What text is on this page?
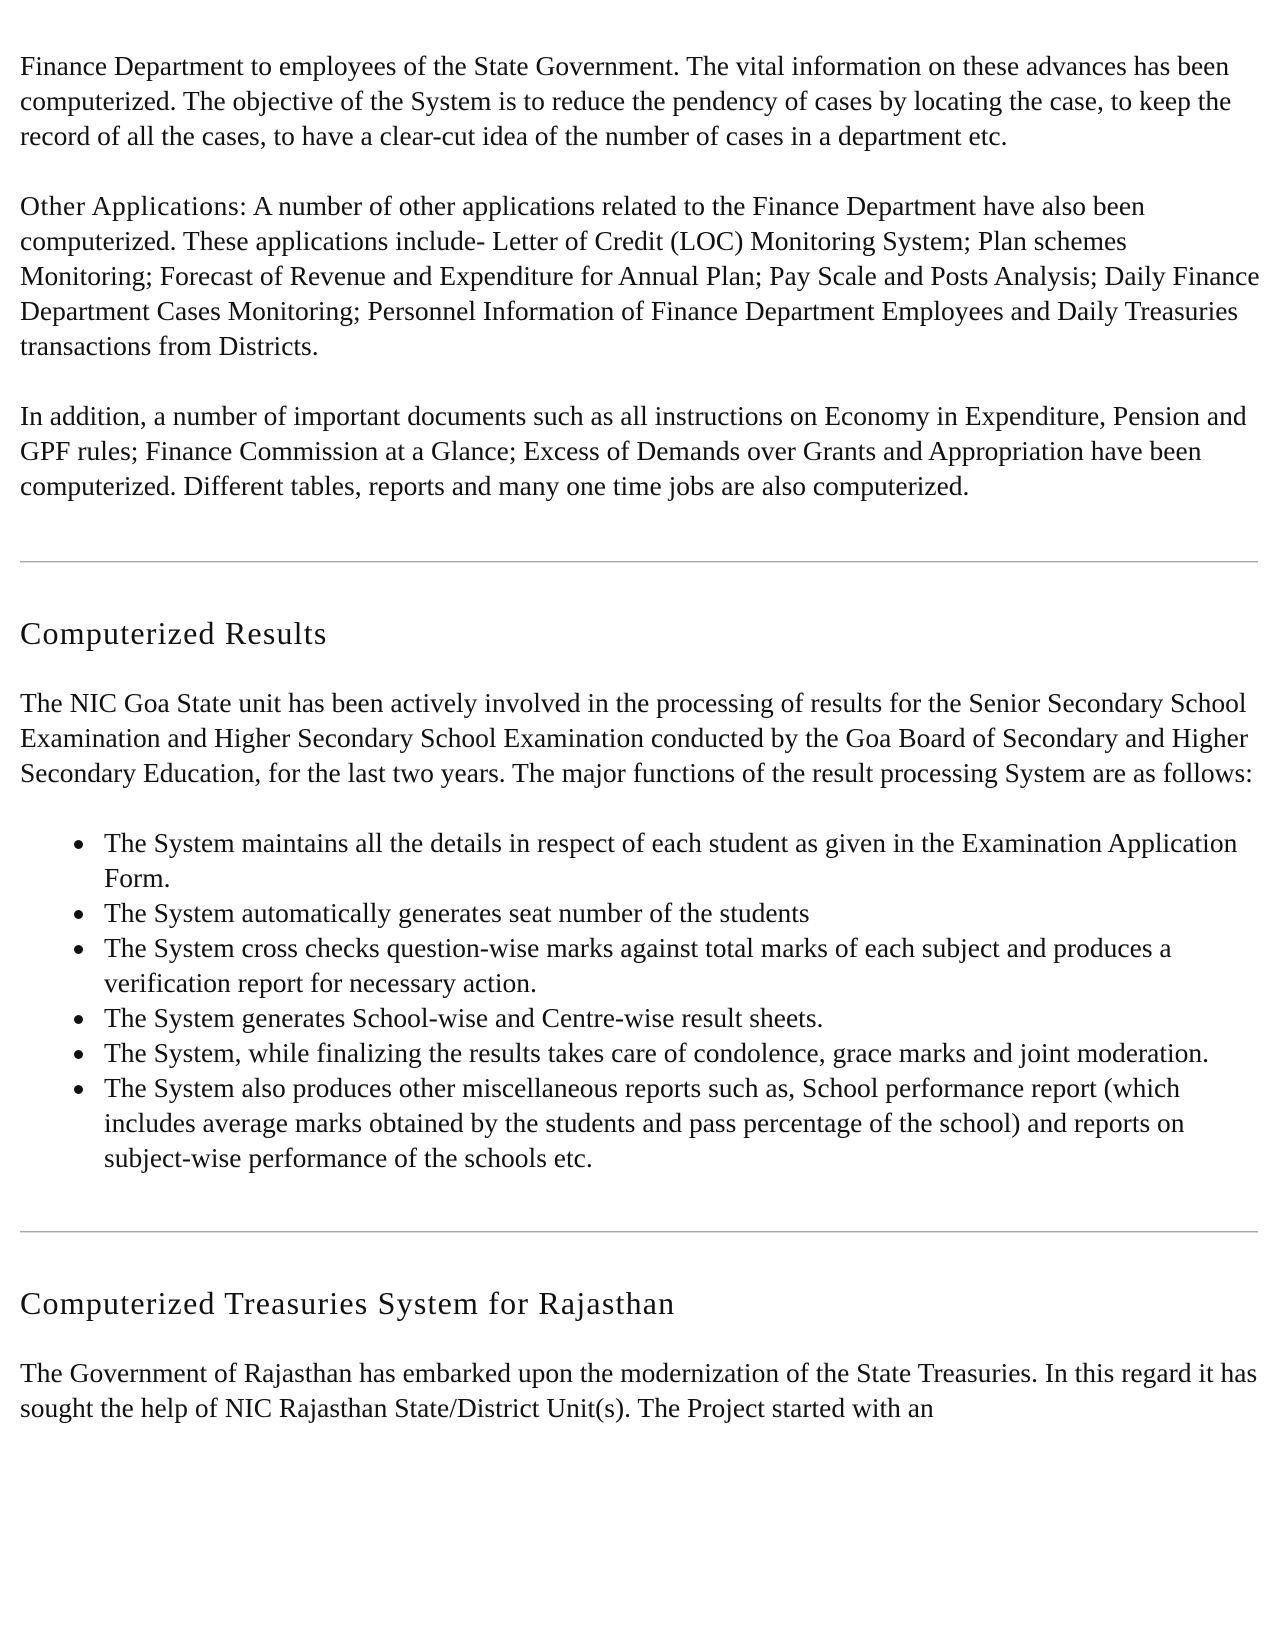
Finance Department to employees of the State Government. The vital information on these advances has been computerized. The objective of the System is to reduce the pendency of cases by locating the case, to keep the record of all the cases, to have a clear-cut idea of the number of cases in a department etc.

Other Applications: A number of other applications related to the Finance Department have also been computerized. These applications include- Letter of Credit (LOC) Monitoring System; Plan schemes Monitoring; Forecast of Revenue and Expenditure for Annual Plan; Pay Scale and Posts Analysis; Daily Finance Department Cases Monitoring; Personnel Information of Finance Department Employees and Daily Treasuries transactions from Districts.

In addition, a number of important documents such as all instructions on Economy in Expenditure, Pension and GPF rules; Finance Commission at a Glance; Excess of Demands over Grants and Appropriation have been computerized. Different tables, reports and many one time jobs are also computerized.

Computerized Results

The NIC Goa State unit has been actively involved in the processing of results for the Senior Secondary School Examination and Higher Secondary School Examination conducted by the Goa Board of Secondary and Higher Secondary Education, for the last two years. The major functions of the result processing System are as follows:

The System maintains all the details in respect of each student as given in the Examination Application Form.
The System automatically generates seat number of the students
The System cross checks question-wise marks against total marks of each subject and produces a verification report for necessary action.
The System generates School-wise and Centre-wise result sheets.
The System, while finalizing the results takes care of condolence, grace marks and joint moderation.
The System also produces other miscellaneous reports such as, School performance report (which includes average marks obtained by the students and pass percentage of the school) and reports on subject-wise performance of the schools etc.
Computerized Treasuries System for Rajasthan

The Government of Rajasthan has embarked upon the modernization of the State Treasuries. In this regard it has sought the help of NIC Rajasthan State/District Unit(s). The Project started with an
